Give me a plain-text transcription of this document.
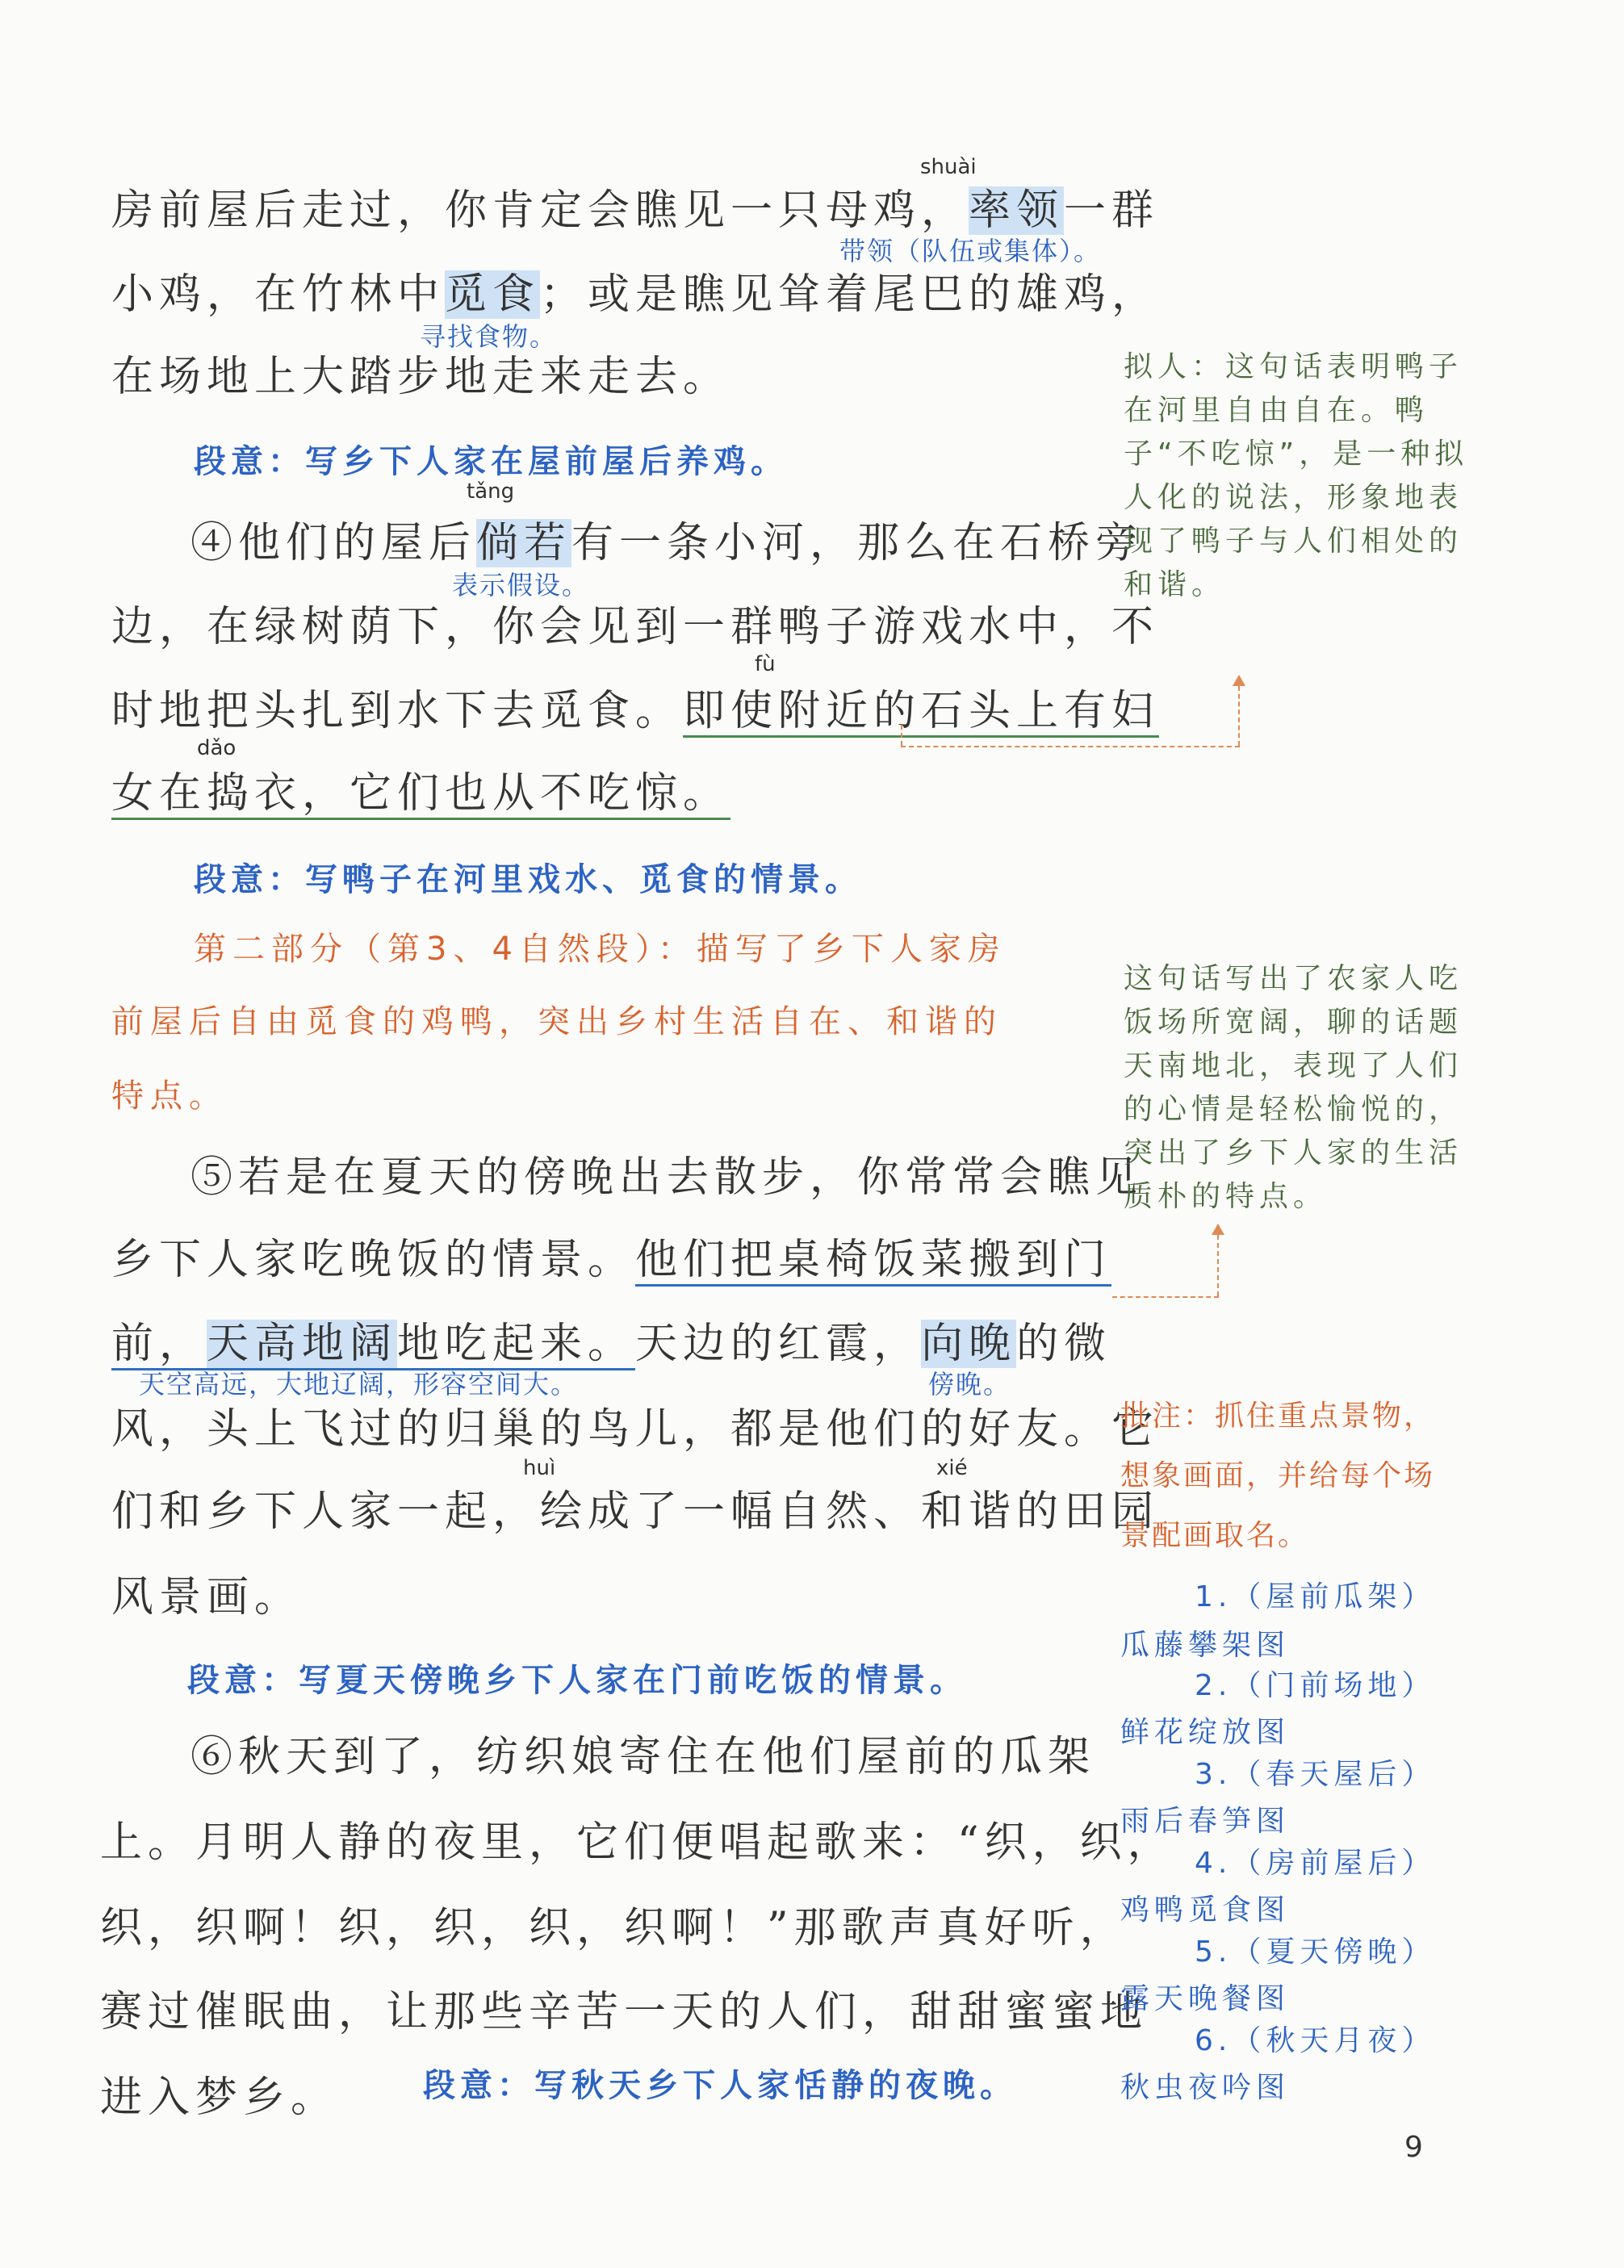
shuài
房前屋后走过，你肯定会瞧见一只母鸡，率领一群
带领（队伍或集体）。
小鸡，在竹林中觅食；或是瞧见耸着尾巴的雄鸡，
寻找食物。
在场地上大踏步地走来走去。
段意：写乡下人家在屋前屋后养鸡。
tǎng
④他们的屋后倘若有一条小河，那么在石桥旁
表示假设。
边，在绿树荫下，你会见到一群鸭子游戏水中，不
fù
时地把头扎到水下去觅食。即使附近的石头上有妇
dǎo
女在捣衣，它们也从不吃惊。
段意：写鸭子在河里戏水、觅食的情景。
第二部分（第3、4自然段）：描写了乡下人家房
前屋后自由觅食的鸡鸭，突出乡村生活自在、和谐的
特点。
⑤若是在夏天的傍晚出去散步，你常常会瞧见
乡下人家吃晚饭的情景。他们把桌椅饭菜搬到门
前，天高地阔地吃起来。天边的红霞，向晚的微
天空高远，大地辽阔，形容空间大。	傍晚。
风，头上飞过的归巢的鸟儿，都是他们的好友。它
huì	xié
们和乡下人家一起，绘成了一幅自然、和谐的田园
风景画。
段意：写夏天傍晚乡下人家在门前吃饭的情景。
⑥秋天到了，纺织娘寄住在他们屋前的瓜架
上。月明人静的夜里，它们便唱起歌来：“织，织，
织，织啊！织，织，织，织啊！”那歌声真好听，
赛过催眠曲，让那些辛苦一天的人们，甜甜蜜蜜地
进入梦乡。	段意：写秋天乡下人家恬静的夜晚。
拟人：这句话表明鸭子在河里自由自在。鸭子“不吃惊”，是一种拟人化的说法，形象地表现了鸭子与人们相处的和谐。
这句话写出了农家人吃饭场所宽阔，聊的话题天南地北，表现了人们的心情是轻松愉悦的，突出了乡下人家的生活质朴的特点。
批注：抓住重点景物，想象画面，并给每个场景配画取名。
1.（屋前瓜架）
瓜藤攀架图
2.（门前场地）
鲜花绽放图
3.（春天屋后）
雨后春笋图
4.（房前屋后）
鸡鸭觅食图
5.（夏天傍晚）
露天晚餐图
6.（秋天月夜）
秋虫夜吟图
9
